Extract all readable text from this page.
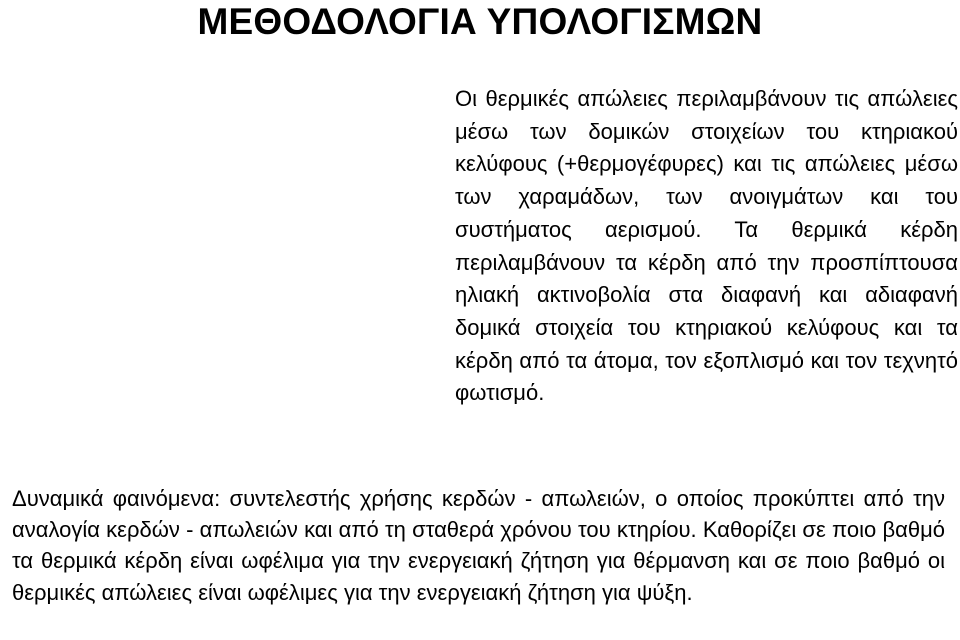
ΜΕΘΟΔΟΛΟΓΙΑ ΥΠΟΛΟΓΙΣΜΩΝ

Οι θερμικές απώλειες περιλαμβάνουν τις απώλειες μέσω των δομικών στοιχείων του κτηριακού κελύφους (+θερμογέφυρες) και τις απώλειες μέσω των χαραμάδων, των ανοιγμάτων και του συστήματος αερισμού. Τα θερμικά κέρδη περιλαμβάνουν τα κέρδη από την προσπίπτουσα ηλιακή ακτινοβολία στα διαφανή και αδιαφανή δομικά στοιχεία του κτηριακού κελύφους και τα κέρδη από τα άτομα, τον εξοπλισμό και τον τεχνητό φωτισμό.

Δυναμικά φαινόμενα: συντελεστής χρήσης κερδών - απωλειών, ο οποίος προκύπτει από την αναλογία κερδών - απωλειών και από τη σταθερά χρόνου του κτηρίου. Καθορίζει σε ποιο βαθμό τα θερμικά κέρδη είναι ωφέλιμα για την ενεργειακή ζήτηση για θέρμανση και σε ποιο βαθμό οι θερμικές απώλειες είναι ωφέλιμες για την ενεργειακή ζήτηση για ψύξη.
